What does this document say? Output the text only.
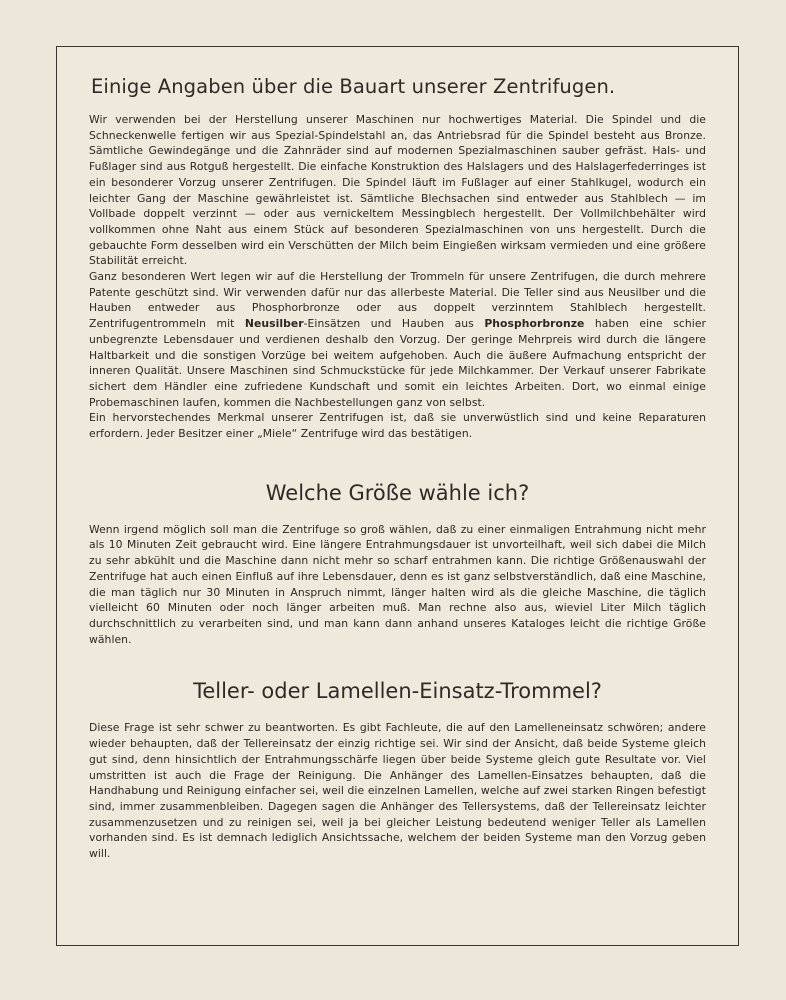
Einige Angaben über die Bauart unserer Zentrifugen.

Wir verwenden bei der Herstellung unserer Maschinen nur hochwertiges Material. Die Spindel und die Schneckenwelle fertigen wir aus Spezial-Spindelstahl an, das Antriebsrad für die Spindel besteht aus Bronze. Sämtliche Gewindegänge und die Zahnräder sind auf modernen Spezialmaschinen sauber gefräst. Hals- und Fußlager sind aus Rotguß hergestellt. Die einfache Konstruktion des Halslagers und des Halslagerfederringes ist ein besonderer Vorzug unserer Zentrifugen. Die Spindel läuft im Fußlager auf einer Stahlkugel, wodurch ein leichter Gang der Maschine gewährleistet ist. Sämtliche Blechsachen sind entweder aus Stahlblech — im Vollbade doppelt verzinnt — oder aus vernickeltem Messingblech hergestellt. Der Vollmilchbehälter wird vollkommen ohne Naht aus einem Stück auf besonderen Spezialmaschinen von uns hergestellt. Durch die gebauchte Form desselben wird ein Verschütten der Milch beim Eingießen wirksam vermieden und eine größere Stabilität erreicht.

Ganz besonderen Wert legen wir auf die Herstellung der Trommeln für unsere Zentrifugen, die durch mehrere Patente geschützt sind. Wir verwenden dafür nur das allerbeste Material. Die Teller sind aus Neusilber und die Hauben entweder aus Phosphorbronze oder aus doppelt verzinntem Stahlblech hergestellt. Zentrifugentrommeln mit Neusilber-Einsätzen und Hauben aus Phosphorbronze haben eine schier unbegrenzte Lebensdauer und verdienen deshalb den Vorzug. Der geringe Mehrpreis wird durch die längere Haltbarkeit und die sonstigen Vorzüge bei weitem aufgehoben. Auch die äußere Aufmachung entspricht der inneren Qualität. Unsere Maschinen sind Schmuckstücke für jede Milchkammer. Der Verkauf unserer Fabrikate sichert dem Händler eine zufriedene Kundschaft und somit ein leichtes Arbeiten. Dort, wo einmal einige Probemaschinen laufen, kommen die Nachbestellungen ganz von selbst.

Ein hervorstechendes Merkmal unserer Zentrifugen ist, daß sie unverwüstlich sind und keine Reparaturen erfordern. Jeder Besitzer einer „Miele“ Zentrifuge wird das bestätigen.

Welche Größe wähle ich?

Wenn irgend möglich soll man die Zentrifuge so groß wählen, daß zu einer einmaligen Entrahmung nicht mehr als 10 Minuten Zeit gebraucht wird. Eine längere Entrahmungsdauer ist unvorteilhaft, weil sich dabei die Milch zu sehr abkühlt und die Maschine dann nicht mehr so scharf entrahmen kann. Die richtige Größenauswahl der Zentrifuge hat auch einen Einfluß auf ihre Lebensdauer, denn es ist ganz selbstverständlich, daß eine Maschine, die man täglich nur 30 Minuten in Anspruch nimmt, länger halten wird als die gleiche Maschine, die täglich vielleicht 60 Minuten oder noch länger arbeiten muß. Man rechne also aus, wieviel Liter Milch täglich durchschnittlich zu verarbeiten sind, und man kann dann anhand unseres Kataloges leicht die richtige Größe wählen.

Teller- oder Lamellen-Einsatz-Trommel?

Diese Frage ist sehr schwer zu beantworten. Es gibt Fachleute, die auf den Lamelleneinsatz schwören; andere wieder behaupten, daß der Tellereinsatz der einzig richtige sei. Wir sind der Ansicht, daß beide Systeme gleich gut sind, denn hinsichtlich der Entrahmungsschärfe liegen über beide Systeme gleich gute Resultate vor. Viel umstritten ist auch die Frage der Reinigung. Die Anhänger des Lamellen-Einsatzes behaupten, daß die Handhabung und Reinigung einfacher sei, weil die einzelnen Lamellen, welche auf zwei starken Ringen befestigt sind, immer zusammenbleiben. Dagegen sagen die Anhänger des Tellersystems, daß der Tellereinsatz leichter zusammenzusetzen und zu reinigen sei, weil ja bei gleicher Leistung bedeutend weniger Teller als Lamellen vorhanden sind. Es ist demnach lediglich Ansichtssache, welchem der beiden Systeme man den Vorzug geben will.
